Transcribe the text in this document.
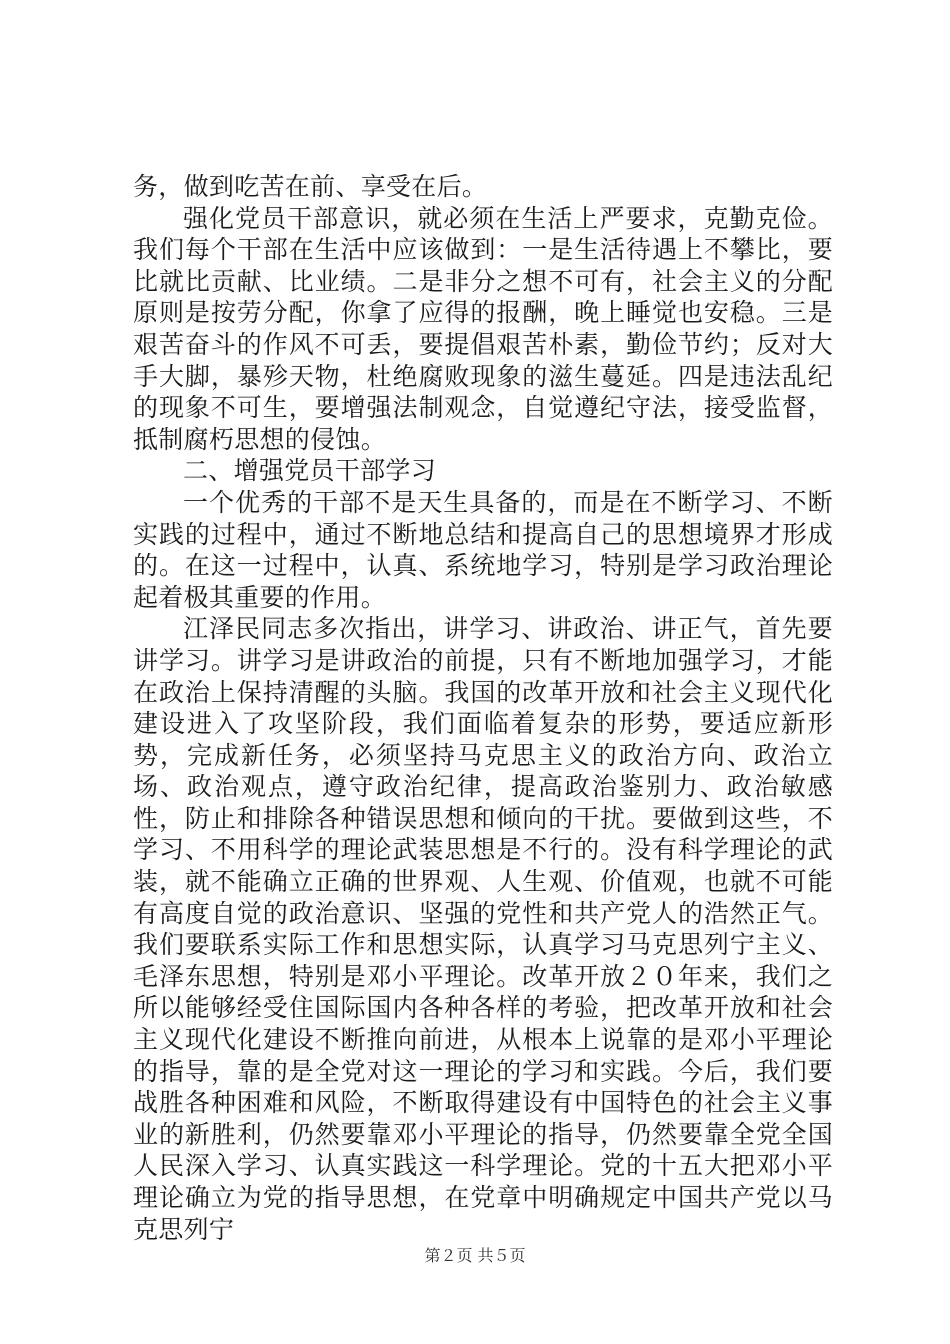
务，做到吃苦在前、享受在后。

强化党员干部意识，就必须在生活上严要求，克勤克俭。我们每个干部在生活中应该做到：一是生活待遇上不攀比，要比就比贡献、比业绩。二是非分之想不可有，社会主义的分配原则是按劳分配，你拿了应得的报酬，晚上睡觉也安稳。三是艰苦奋斗的作风不可丢，要提倡艰苦朴素，勤俭节约；反对大手大脚，暴殄天物，杜绝腐败现象的滋生蔓延。四是违法乱纪的现象不可生，要增强法制观念，自觉遵纪守法，接受监督，抵制腐朽思想的侵蚀。

二、增强党员干部学习

一个优秀的干部不是天生具备的，而是在不断学习、不断实践的过程中，通过不断地总结和提高自己的思想境界才形成的。在这一过程中，认真、系统地学习，特别是学习政治理论起着极其重要的作用。

江泽民同志多次指出，讲学习、讲政治、讲正气，首先要讲学习。讲学习是讲政治的前提，只有不断地加强学习，才能在政治上保持清醒的头脑。我国的改革开放和社会主义现代化建设进入了攻坚阶段，我们面临着复杂的形势，要适应新形势，完成新任务，必须坚持马克思主义的政治方向、政治立场、政治观点，遵守政治纪律，提高政治鉴别力、政治敏感性，防止和排除各种错误思想和倾向的干扰。要做到这些，不学习、不用科学的理论武装思想是不行的。没有科学理论的武装，就不能确立正确的世界观、人生观、价值观，也就不可能有高度自觉的政治意识、坚强的党性和共产党人的浩然正气。我们要联系实际工作和思想实际，认真学习马克思列宁主义、毛泽东思想，特别是邓小平理论。改革开放２０年来，我们之所以能够经受住国际国内各种各样的考验，把改革开放和社会主义现代化建设不断推向前进，从根本上说靠的是邓小平理论的指导，靠的是全党对这一理论的学习和实践。今后，我们要战胜各种困难和风险，不断取得建设有中国特色的社会主义事业的新胜利，仍然要靠邓小平理论的指导，仍然要靠全党全国人民深入学习、认真实践这一科学理论。党的十五大把邓小平理论确立为党的指导思想，在党章中明确规定中国共产党以马克思列宁

第２页 共５页
